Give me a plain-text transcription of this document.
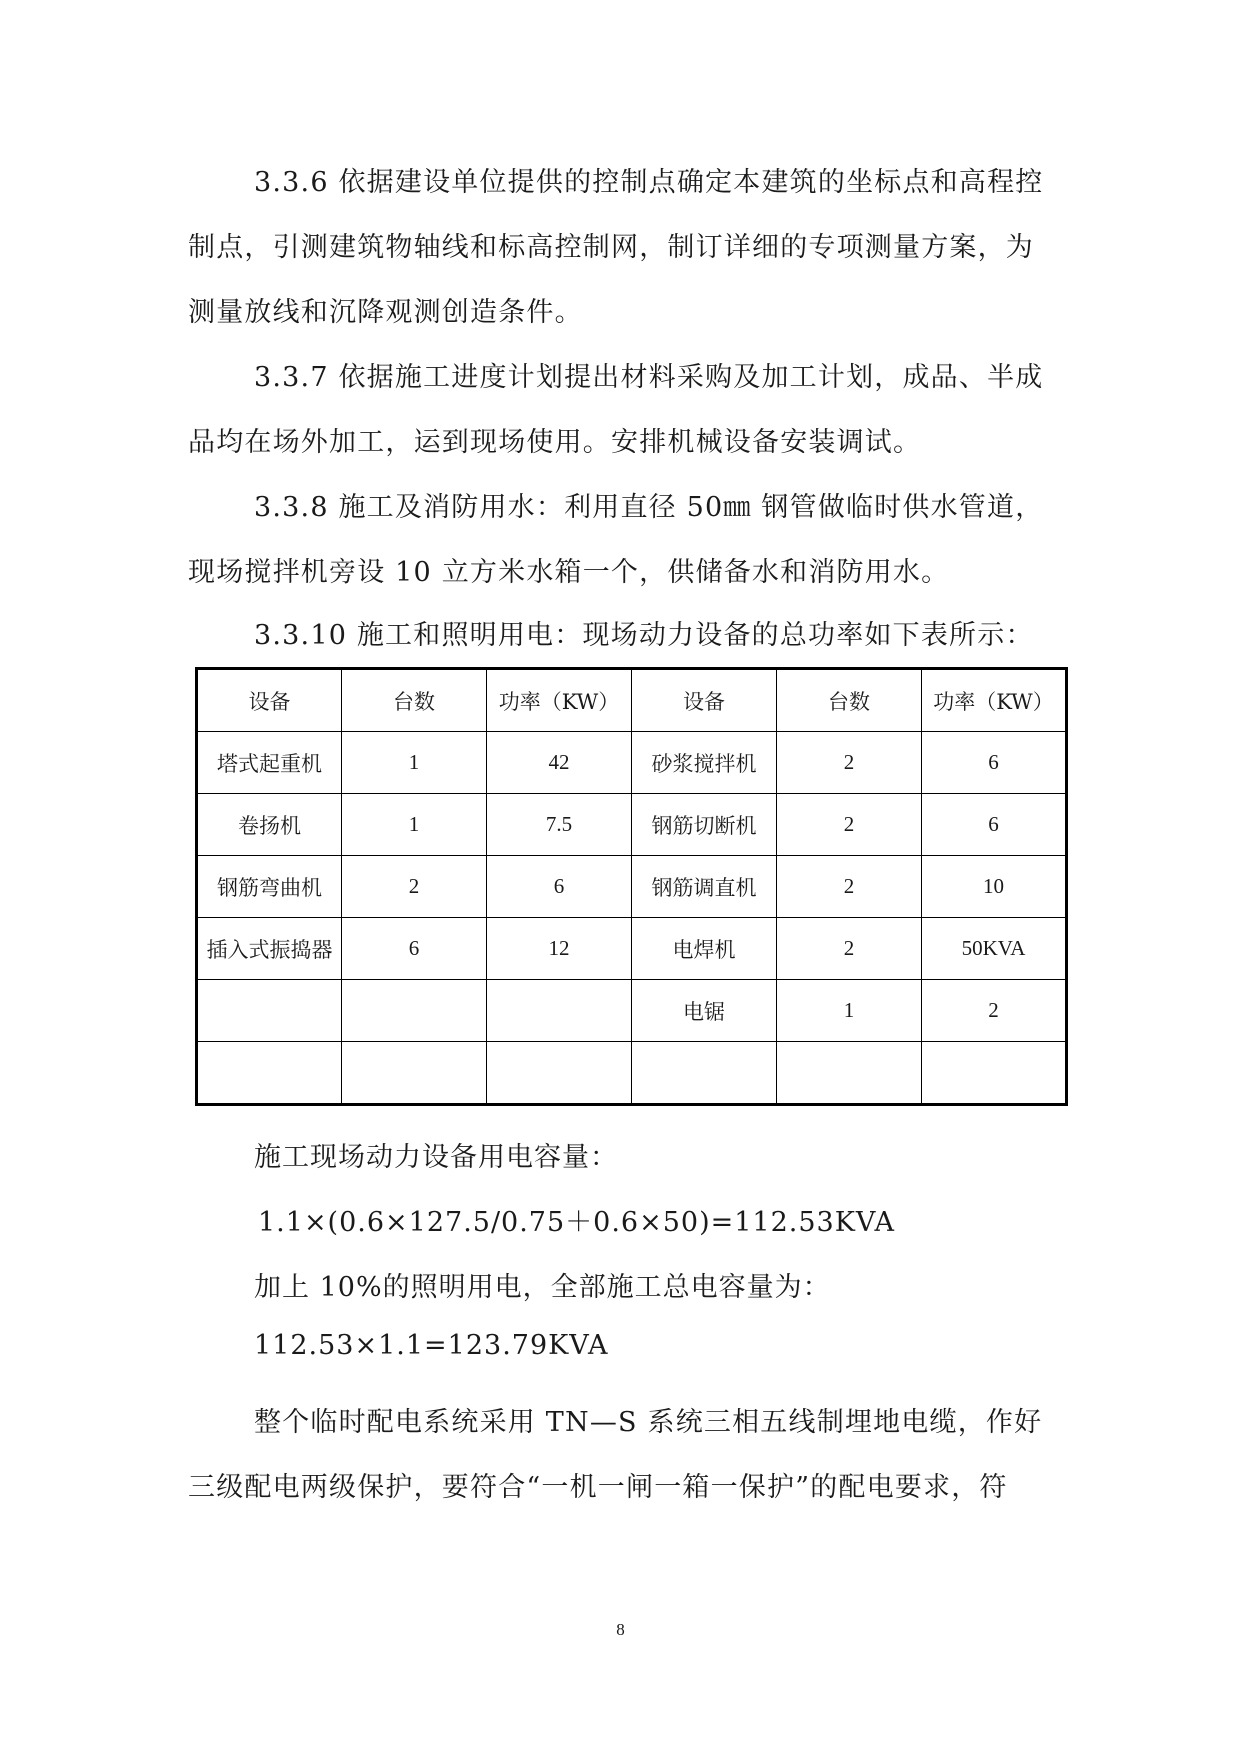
3.3.6 依据建设单位提供的控制点确定本建筑的坐标点和高程控制点，引测建筑物轴线和标高控制网，制订详细的专项测量方案，为测量放线和沉降观测创造条件。

3.3.7 依据施工进度计划提出材料采购及加工计划，成品、半成品均在场外加工，运到现场使用。安排机械设备安装调试。

3.3.8 施工及消防用水：利用直径 50㎜ 钢管做临时供水管道，现场搅拌机旁设 10 立方米水箱一个，供储备水和消防用水。

3.3.10 施工和照明用电：现场动力设备的总功率如下表所示：

设备	台数	功率（KW）	设备	台数	功率（KW）
塔式起重机	1	42	砂浆搅拌机	2	6
卷扬机	1	7.5	钢筋切断机	2	6
钢筋弯曲机	2	6	钢筋调直机	2	10
插入式振捣器	6	12	电焊机	2	50KVA
			电锯	1	2

施工现场动力设备用电容量：

1.1×(0.6×127.5/0.75＋0.6×50)=112.53KVA

加上 10%的照明用电，全部施工总电容量为：

112.53×1.1=123.79KVA

整个临时配电系统采用 TN—S 系统三相五线制埋地电缆，作好三级配电两级保护，要符合“一机一闸一箱一保护”的配电要求，符

8
